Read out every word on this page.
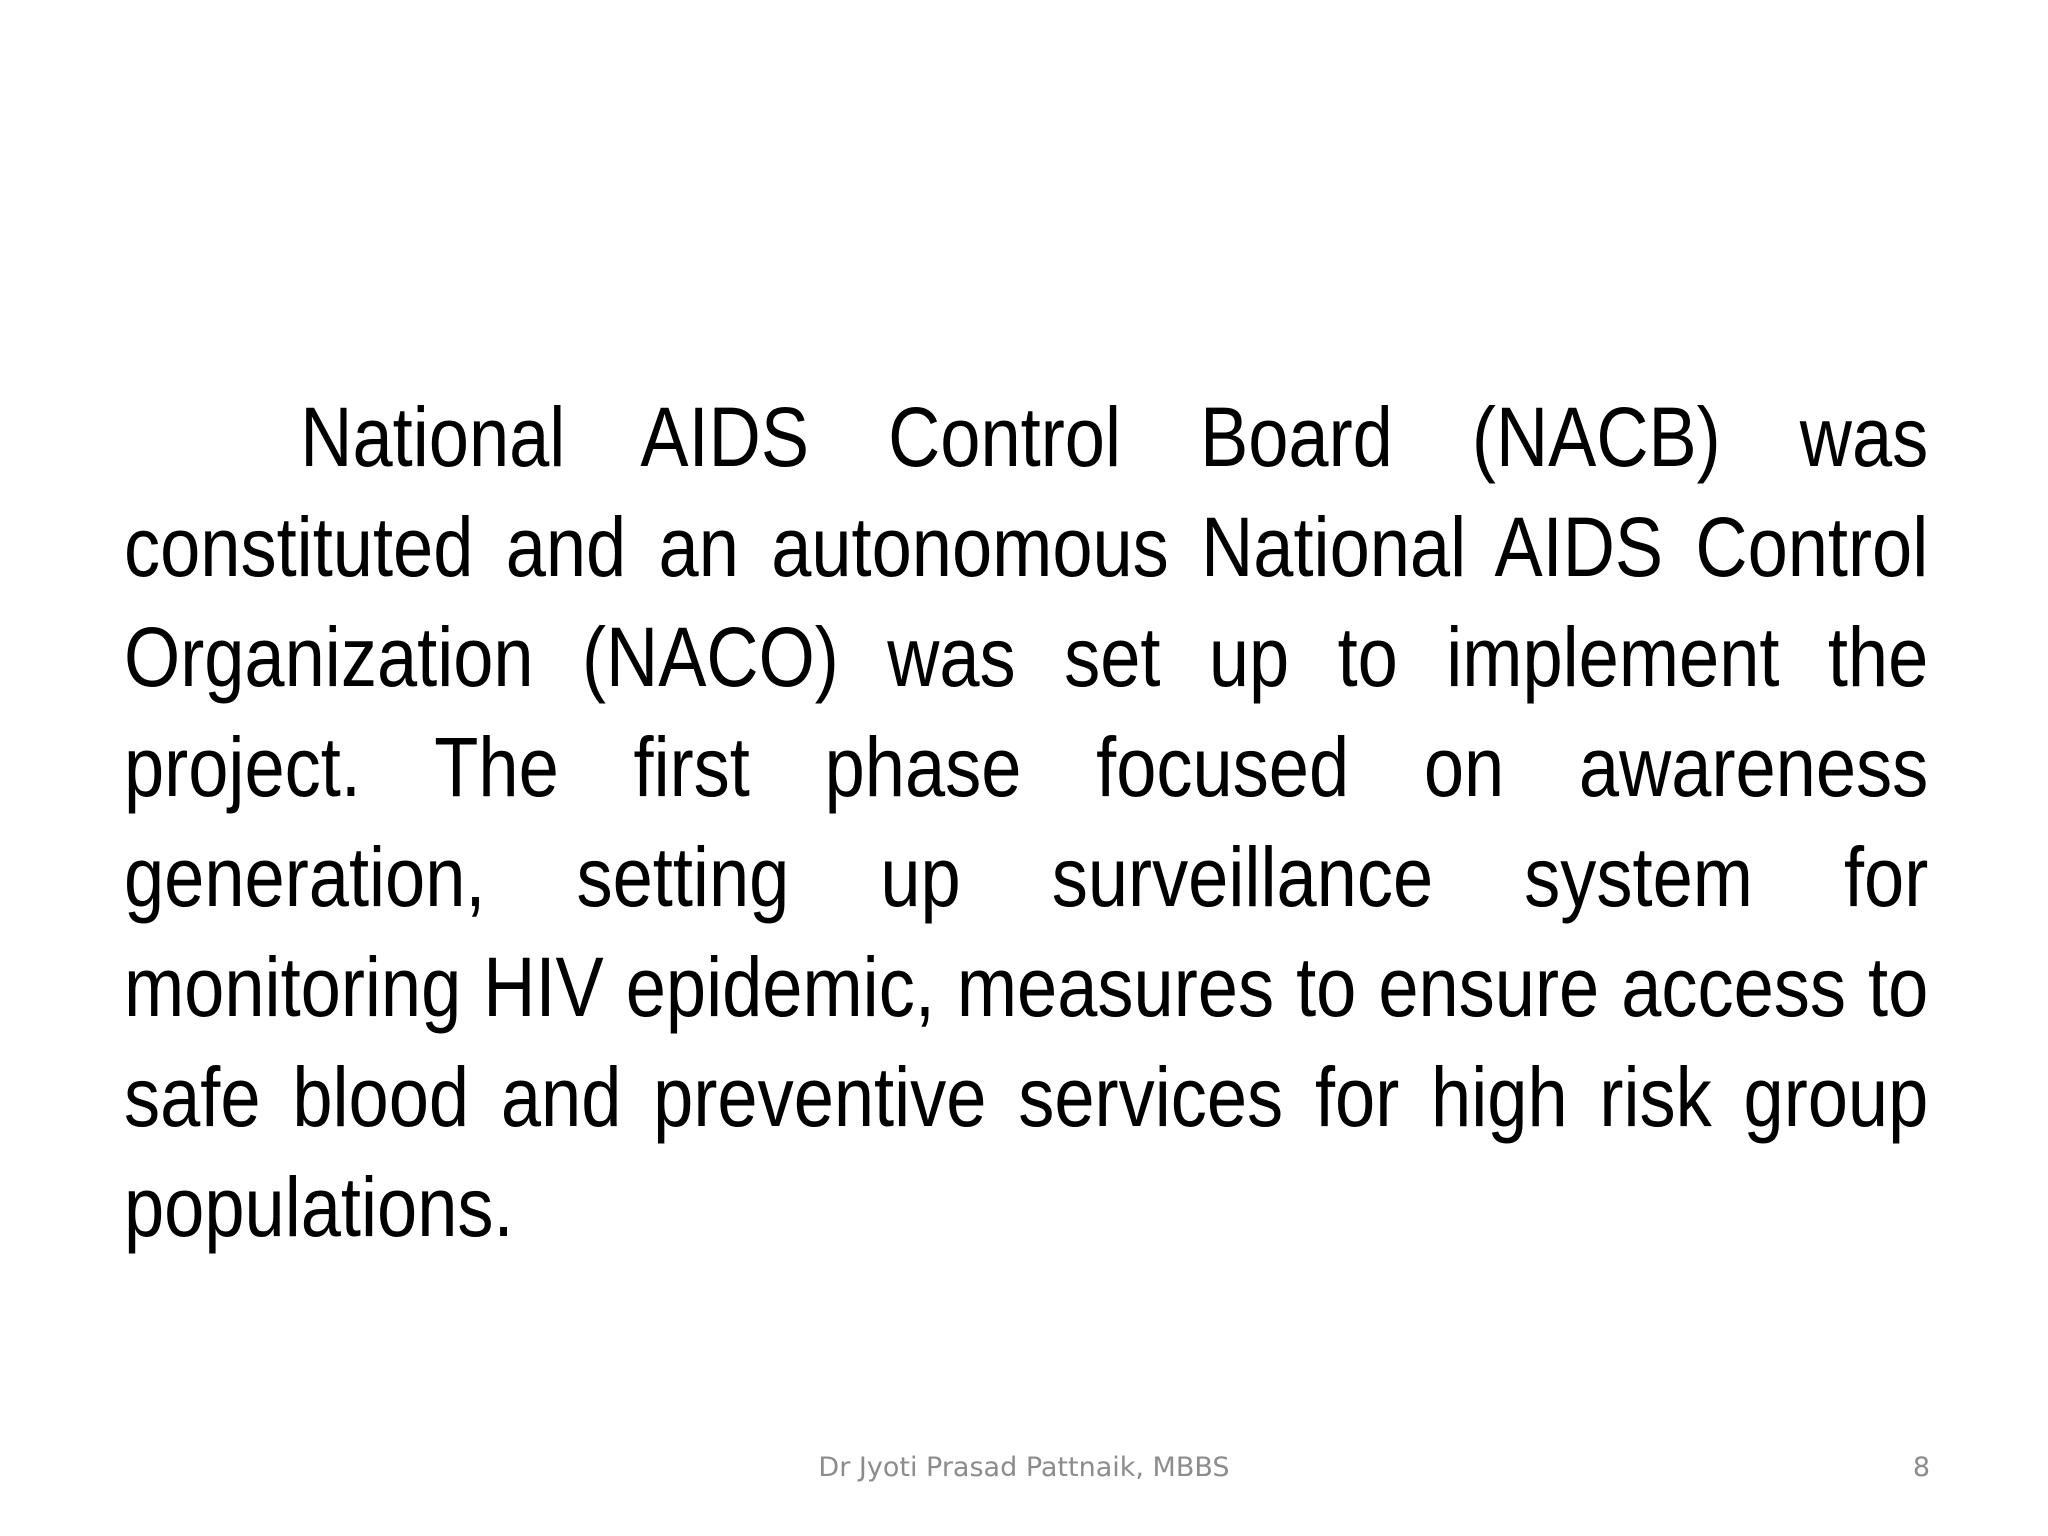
National AIDS Control Board (NACB) was constituted and an autonomous National AIDS Control Organization (NACO) was set up to implement the project. The first phase focused on awareness generation, setting up surveillance system for monitoring HIV epidemic, measures to ensure access to safe blood and preventive services for high risk group populations.

Dr Jyoti Prasad Pattnaik, MBBS	8
